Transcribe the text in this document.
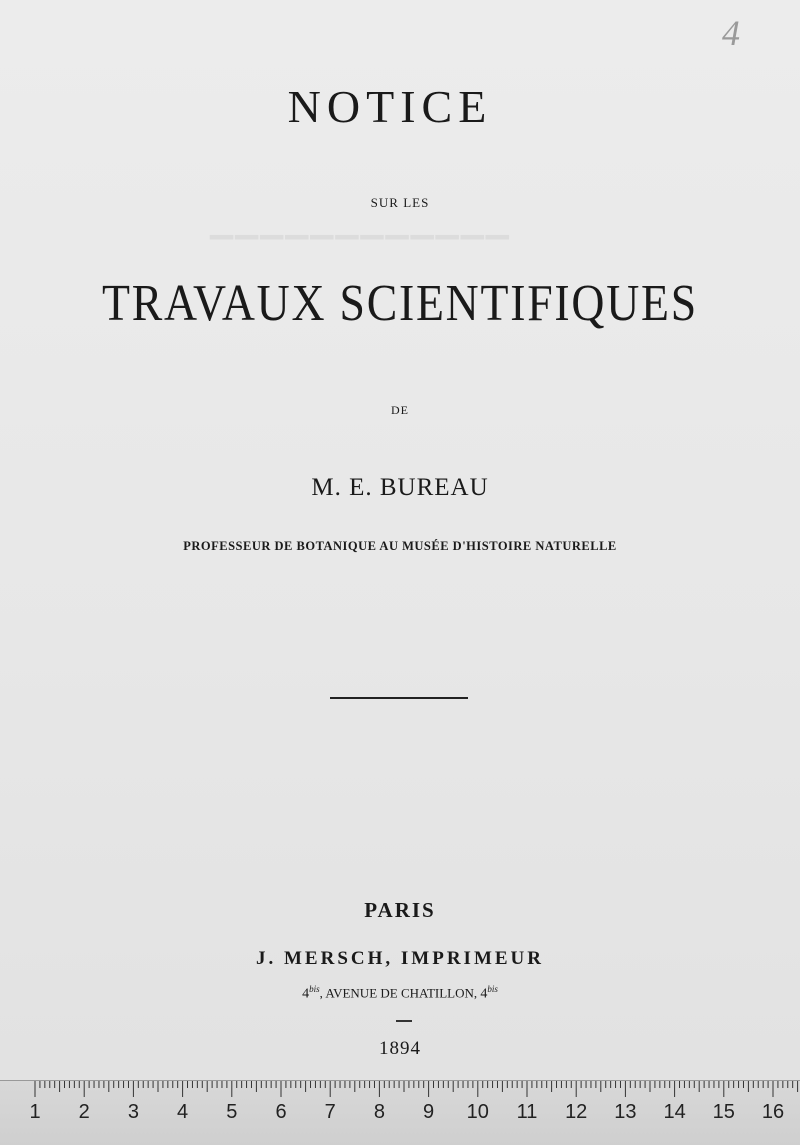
▁▁▁▁▁▁▁▁▁▁▁▁
4
NOTICE
SUR LES
TRAVAUX SCIENTIFIQUES
DE
M. E. BUREAU
PROFESSEUR DE BOTANIQUE AU MUSÉE D'HISTOIRE NATURELLE
PARIS
J. MERSCH, IMPRIMEUR
$4^{bis}$, AVENUE DE CHATILLON, $4^{bis}$
1894
1 2 3 4 5 6 7 8 9 10 11 12 13 14 15 16
